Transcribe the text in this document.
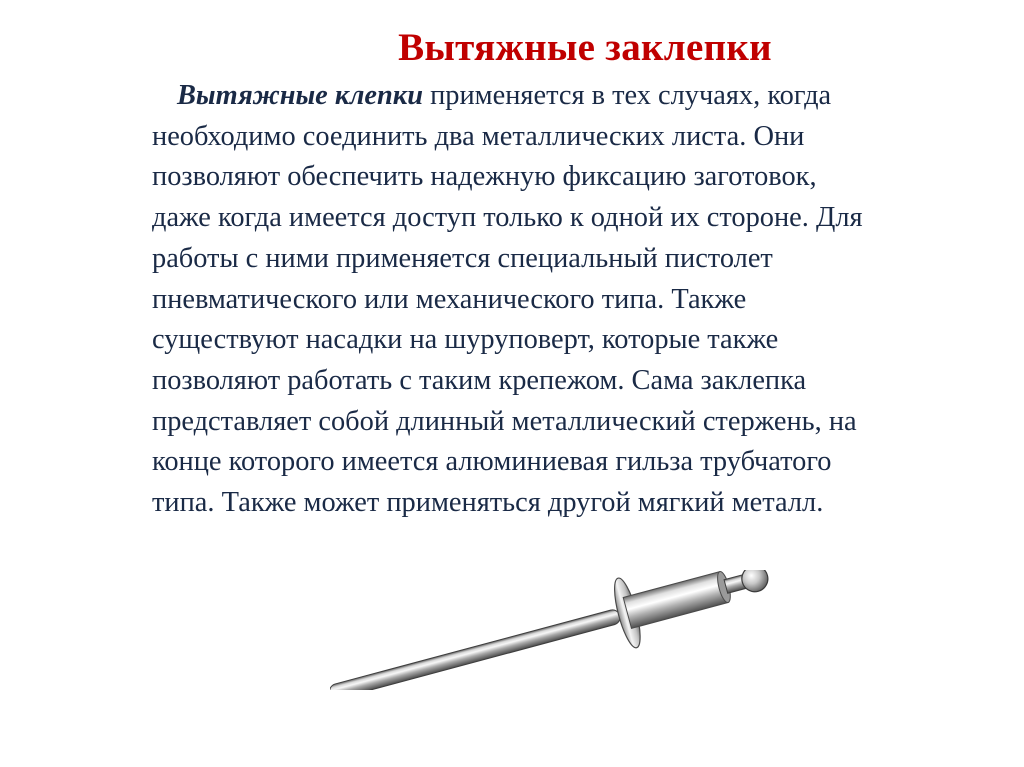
Вытяжные заклепки

Вытяжные клепки применяется в тех случаях, когда
необходимо соединить два металлических листа. Они
позволяют обеспечить надежную фиксацию заготовок,
даже когда имеется доступ только к одной их стороне. Для
работы с ними применяется специальный пистолет
пневматического или механического типа. Также
существуют насадки на шуруповерт, которые также
позволяют работать с таким крепежом. Сама заклепка
представляет собой длинный металлический стержень, на
конце которого имеется алюминиевая гильза трубчатого
типа. Также может применяться другой мягкий металл.
